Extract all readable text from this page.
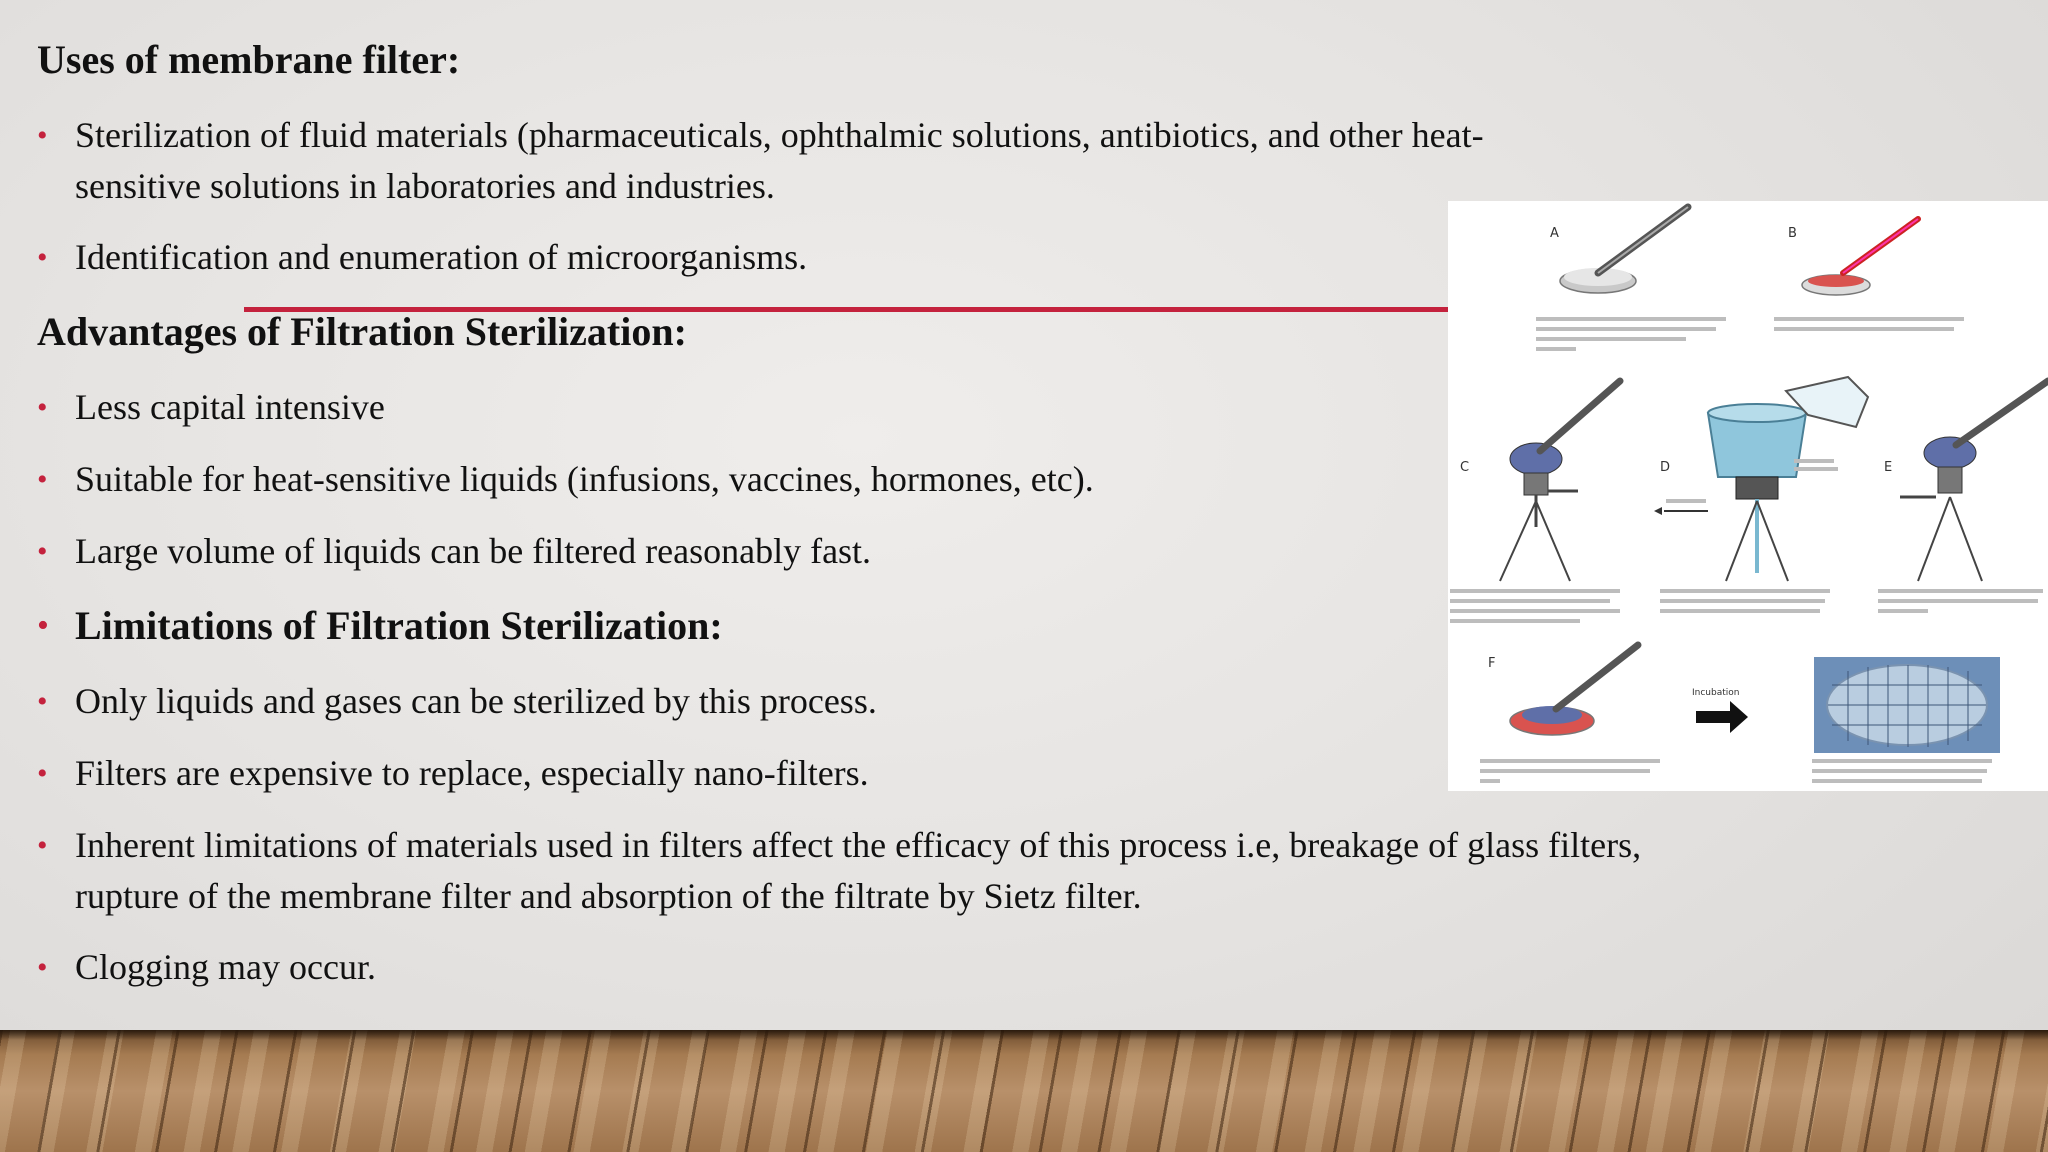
Uses of membrane filter:
• Sterilization of fluid materials (pharmaceuticals, ophthalmic solutions, antibiotics, and other heat-sensitive solutions in laboratories and industries.
• Identification and enumeration of microorganisms.
Advantages of Filtration Sterilization:
• Less capital intensive
• Suitable for heat-sensitive liquids (infusions, vaccines, hormones, etc).
• Large volume of liquids can be filtered reasonably fast.
• Limitations of Filtration Sterilization:
• Only liquids and gases can be sterilized by this process.
• Filters are expensive to replace, especially nano-filters.
• Inherent limitations of materials used in filters affect the efficacy of this process i.e, breakage of glass filters, rupture of the membrane filter and absorption of the filtrate by Sietz filter.
• Clogging may occur.
A	B
C	D	E
F
Incubation
